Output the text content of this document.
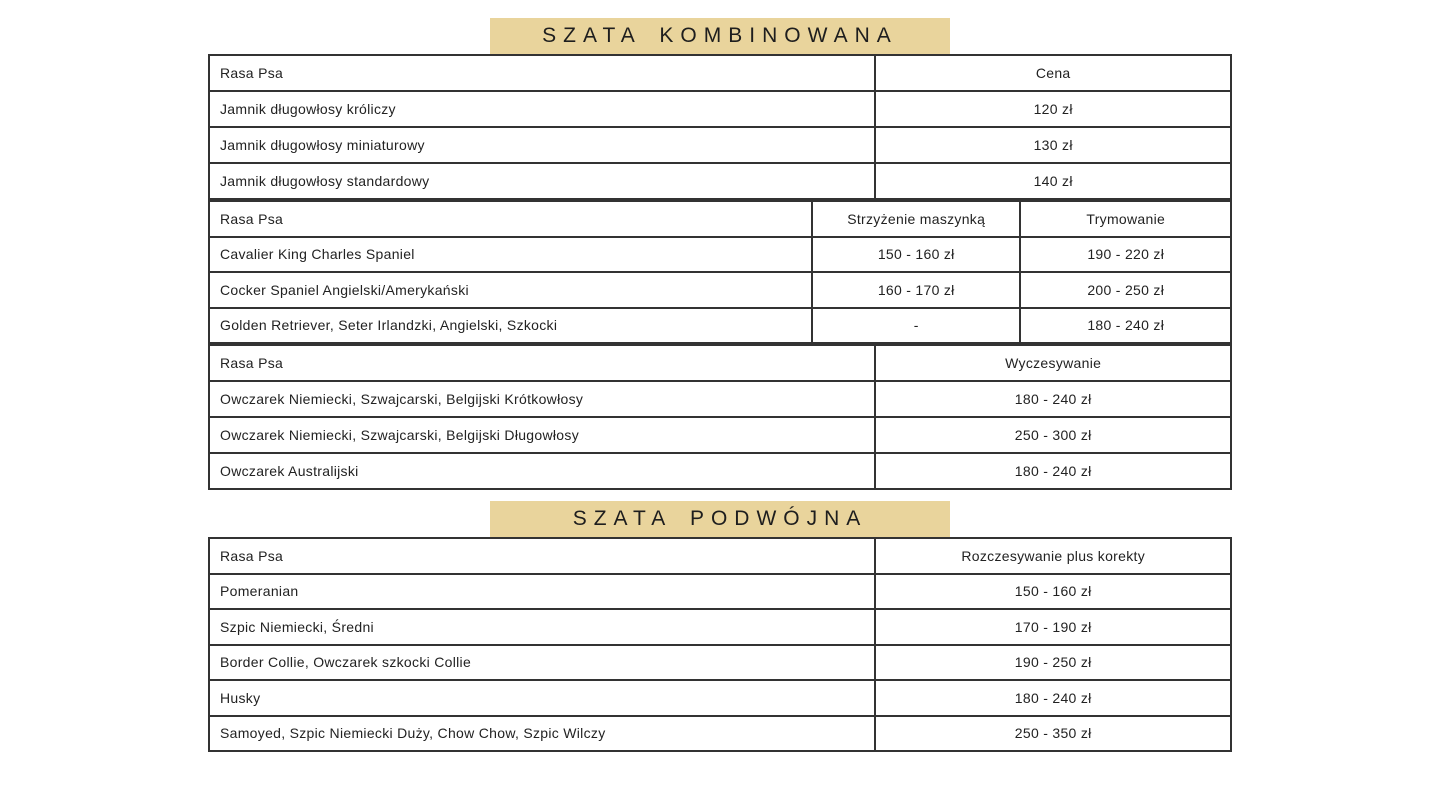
SZATA KOMBINOWANA
Rasa Psa	Cena
Jamnik długowłosy króliczy	120 zł
Jamnik długowłosy miniaturowy	130 zł
Jamnik długowłosy standardowy	140 zł
Rasa Psa	Strzyżenie maszynką	Trymowanie
Cavalier King Charles Spaniel	150 - 160 zł	190 - 220 zł
Cocker Spaniel Angielski/Amerykański	160 - 170 zł	200 - 250 zł
Golden Retriever, Seter Irlandzki, Angielski, Szkocki	-	180 - 240 zł
Rasa Psa	Wyczesywanie
Owczarek Niemiecki, Szwajcarski, Belgijski Krótkowłosy	180 - 240 zł
Owczarek Niemiecki, Szwajcarski, Belgijski Długowłosy	250 - 300 zł
Owczarek Australijski	180 - 240 zł
SZATA PODWÓJNA
Rasa Psa	Rozczesywanie plus korekty
Pomeranian	150 - 160 zł
Szpic Niemiecki, Średni	170 - 190 zł
Border Collie, Owczarek szkocki Collie	190 - 250 zł
Husky	180 - 240 zł
Samoyed, Szpic Niemiecki Duży, Chow Chow, Szpic Wilczy	250 - 350 zł
